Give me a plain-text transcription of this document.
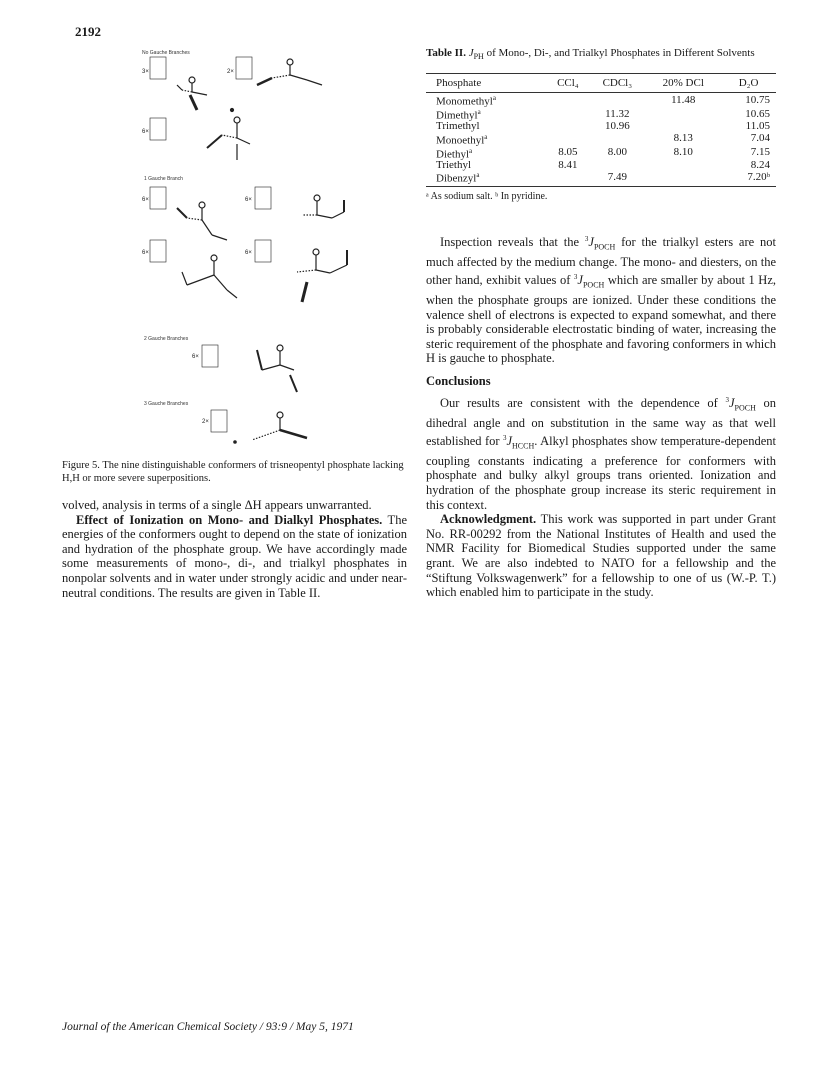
2192
No Gauche Branches
1 Gauche Branch
2 Gauche Branches
3 Gauche Branches
3×	2×
6×
6×	6×
6×	6×
6×
2×
Figure 5. The nine distinguishable conformers of trisneopentyl phosphate lacking H,H or more severe superpositions.

volved, analysis in terms of a single ΔH appears unwarranted.

Effect of Ionization on Mono- and Dialkyl Phosphates. The energies of the conformers ought to depend on the state of ionization and hydration of the phosphate group. We have accordingly made some measurements of mono-, di-, and trialkyl phosphates in nonpolar solvents and in water under strongly acidic and under near-neutral conditions. The results are given in Table II.

Table II. $J_{PH}$ of Mono-, Di-, and Trialkyl Phosphates in Different Solvents
Phosphate	CCl₄	CDCl₃	20% DCl	D₂O
Monomethyl$^a$			11.48	10.75
Dimethyl$^a$		11.32		10.65
Trimethyl		10.96		11.05
Monoethyl$^a$			8.13	7.04
Diethyl$^a$	8.05	8.00	8.10	7.15
Triethyl	8.41			8.24
Dibenzyl$^a$		7.49		7.20ᵇ
ᵃ As sodium salt. ᵇ In pyridine.

Inspection reveals that the $^3J_{POCH}$ for the trialkyl esters are not much affected by the medium change. The mono- and diesters, on the other hand, exhibit values of $^3J_{POCH}$ which are smaller by about 1 Hz, when the phosphate groups are ionized. Under these conditions the valence shell of electrons is expected to expand somewhat, and there is probably considerable electrostatic binding of water, increasing the steric requirement of the phosphate and favoring conformers in which H is gauche to phosphate.

Conclusions

Our results are consistent with the dependence of $^3J_{POCH}$ on dihedral angle and on substitution in the same way as that well established for $^3J_{HCCH}$. Alkyl phosphates show temperature-dependent coupling constants indicating a preference for conformers with phosphate and bulky alkyl groups trans oriented. Ionization and hydration of the phosphate group increase its steric requirement in this context.

Acknowledgment. This work was supported in part under Grant No. RR-00292 from the National Institutes of Health and used the NMR Facility for Biomedical Studies supported under the same grant. We are also indebted to NATO for a fellowship and the “Stiftung Volkswagenwerk” for a fellowship to one of us (W.-P. T.) which enabled him to participate in the study.

Journal of the American Chemical Society / 93:9 / May 5, 1971
